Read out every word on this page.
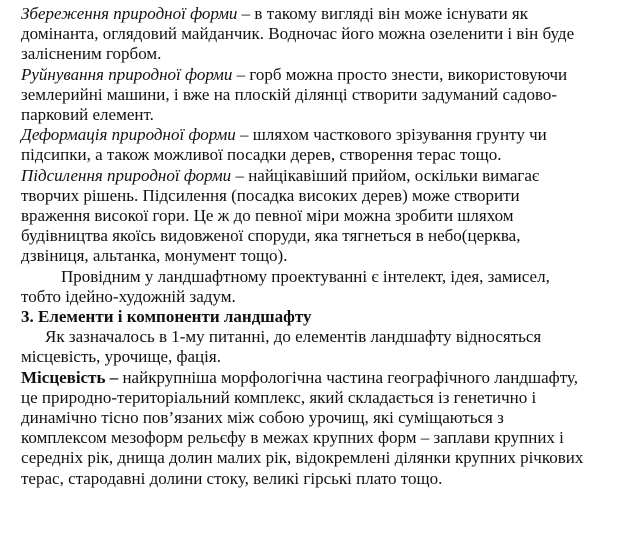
Збереження природної форми – в такому вигляді він може існувати як

домінанта, оглядовий майданчик. Водночас його можна озеленити і він буде

залісненим горбом.

Руйнування природної форми – горб можна просто знести, використовуючи

землерийні машини, і вже на плоскій ділянці створити задуманий садово-

парковий елемент.

Деформація природної форми – шляхом часткового зрізування грунту чи

підсипки, а також можливої посадки дерев, створення терас тощо.

Підсилення природної форми – найцікавіший прийом, оскільки вимагає

творчих рішень. Підсилення (посадка високих дерев) може створити

враження високої гори. Це ж до певної міри можна зробити шляхом

будівництва якоїсь видовженої споруди, яка тягнеться в небо(церква,

дзвіниця, альтанка, монумент тощо).

Провідним у ландшафтному проектуванні є інтелект, ідея, замисел,

тобто ідейно-художній задум.

3. Елементи і компоненти ландшафту

Як зазначалось в 1-му питанні, до елементів ландшафту відносяться

місцевість, урочище, фація.

Місцевість – найкрупніша морфологічна частина географічного ландшафту,

це природно-територіальний комплекс, який складається із генетично і

динамічно тісно пов’язаних між собою урочищ, які суміщаються з

комплексом мезоформ рельєфу в межах крупних форм – заплави крупних і

середніх рік, днища долин малих рік, відокремлені ділянки крупних річкових

терас, стародавні долини стоку, великі гірські плато тощо.
